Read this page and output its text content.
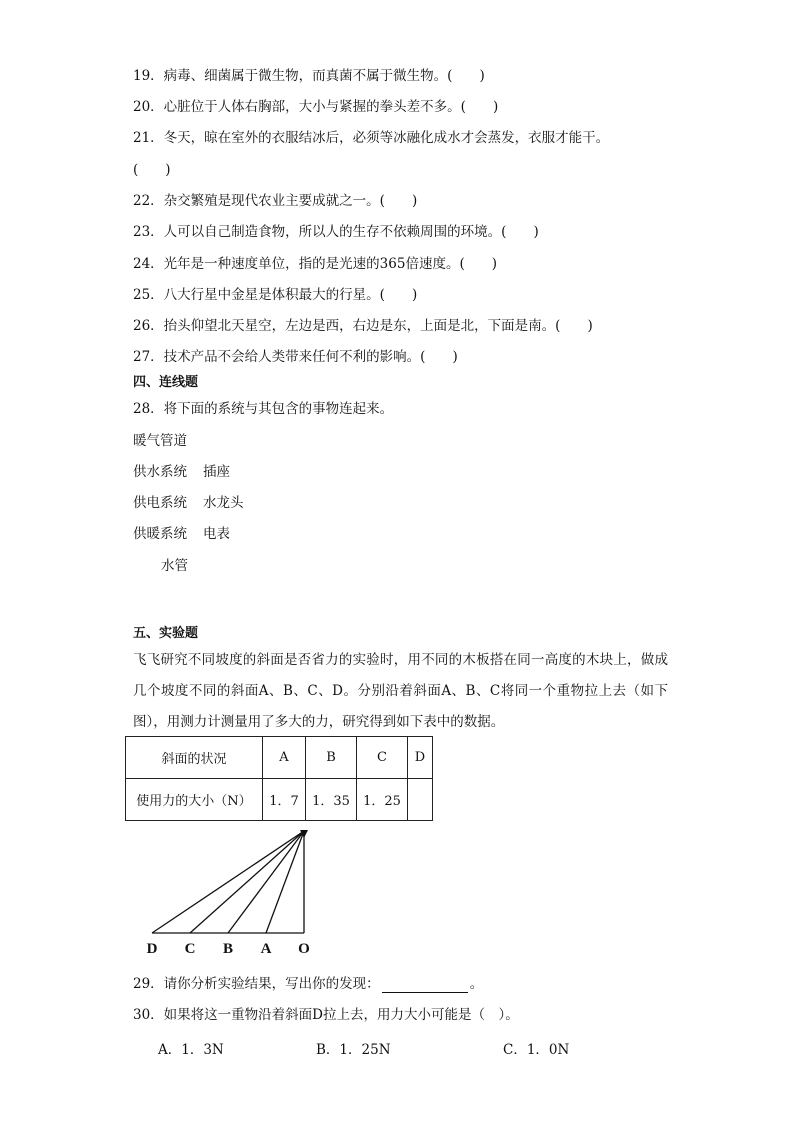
19．病毒、细菌属于微生物，而真菌不属于微生物。(　　)
20．心脏位于人体右胸部，大小与紧握的拳头差不多。(　　)
21．冬天，晾在室外的衣服结冰后，必须等冰融化成水才会蒸发，衣服才能干。
(　　)
22．杂交繁殖是现代农业主要成就之一。(　　)
23．人可以自己制造食物，所以人的生存不依赖周围的环境。(　　)
24．光年是一种速度单位，指的是光速的365倍速度。(　　)
25．八大行星中金星是体积最大的行星。(　　)
26．抬头仰望北天星空，左边是西，右边是东，上面是北，下面是南。(　　)
27．技术产品不会给人类带来任何不利的影响。(　　)
四、连线题
28．将下面的系统与其包含的事物连起来。
暖气管道
供水系统 插座
供电系统 水龙头
供暖系统 电表
水管
五、实验题
飞飞研究不同坡度的斜面是否省力的实验时，用不同的木板搭在同一高度的木块上，做成几个坡度不同的斜面A、B、C、D。分别沿着斜面A、B、C将同一个重物拉上去（如下图），用测力计测量用了多大的力，研究得到如下表中的数据。
斜面的状况	A	B	C	D
使用力的大小（N）	1．7	1．35	1．25	
D C B A O
29．请你分析实验结果，写出你的发现：	。
30．如果将这一重物沿着斜面D拉上去，用力大小可能是（　）。
A．1．3N	B．1．25N	C．1．0N
